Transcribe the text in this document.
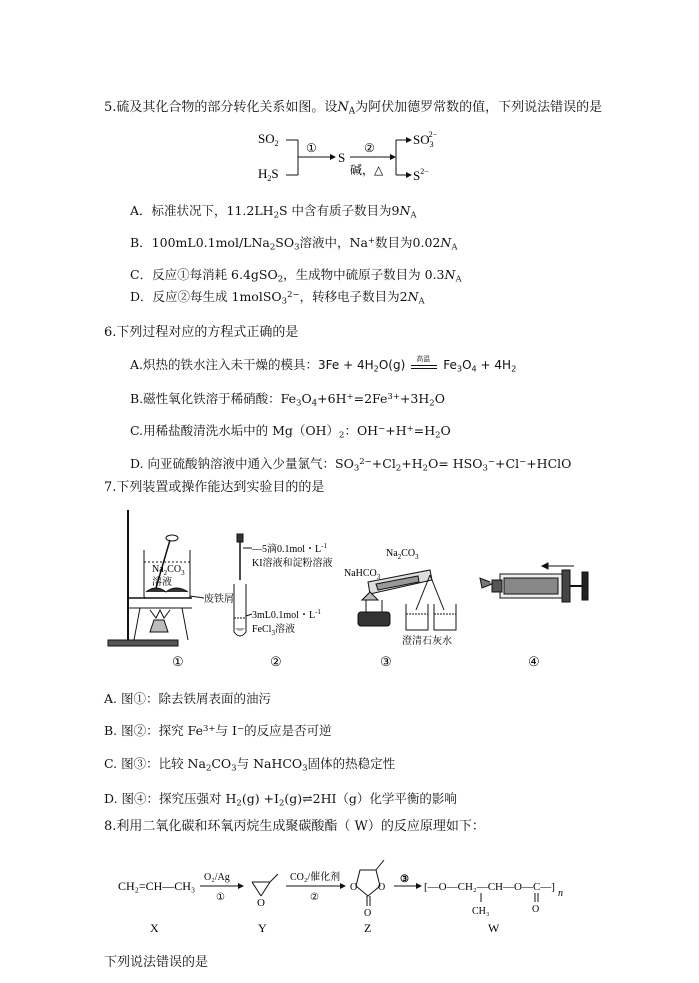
5.硫及其化合物的部分转化关系如图。设$N_A$为阿伏加德罗常数的值，下列说法错误的是
$SO_2$
$H_2S$
①
S
②
碱，△
$SO_32-$
$S^{2-}$
A．标准状况下，$11.2LH_2S$ 中含有质子数目为$9N_A$
B．$100mL0.1mol/LNa_2SO_3$溶液中，Na+数目为$0.02N_A$
C．反应①每消耗 6.4gSO$_2$，生成物中硫原子数目为 $0.3N_A$
D．反应②每生成 1molSO$_3^{2-}$，转移电子数目为$2N_A$
6.下列过程对应的方程式正确的是
A.炽热的铁水注入未干燥的模具：$3Fe + 4H_2O(g)$ 高温 $Fe_3O_4 + 4H_2$
B.磁性氧化铁溶于稀硝酸：$Fe_3O_4+6H^+=2Fe^{3+}+3H_2O$
C.用稀盐酸清洗水垢中的 $Mg(OH)_2$：$OH^-+H^+=H_2O$
D. 向亚硫酸钠溶液中通入少量氯气：$SO_3^{2-}+Cl_2+H_2O=$ $HSO_3^-+Cl^-+HClO$
7.下列装置或操作能达到实验目的的是
$Na_2CO_3$
溶液
废铁屑
①
—5滴0.1mol・$L^{-1}$
KI溶液和淀粉溶液
3mL0.1mol・$L^{-1}$
FeCl$_3$溶液
②
$Na_2CO_3$
NaHCO$_3$
澄清石灰水
③	④
A. 图①：除去铁屑表面的油污
B. 图②：探究 $Fe^{3+}$与 I−的反应是否可逆
C. 图③：比较 $Na_2CO_3$与 NaHCO$_3$固体的热稳定性
D. 图④：探究压强对 $H_2(g)$ $+I_2(g)\rightleftharpoons 2HI(g)$化学平衡的影响
8.利用二氧化碳和环氧丙烷生成聚碳酸酯（ W）的反应原理如下：
CH₂=CH—CH₃
O₂/Ag
①	O
CO₂/催化剂
②
O O
O
③
[—O—CH₂—CH—O—C—]
n
CH₃	O
X	Y	Z	W
下列说法错误的是
